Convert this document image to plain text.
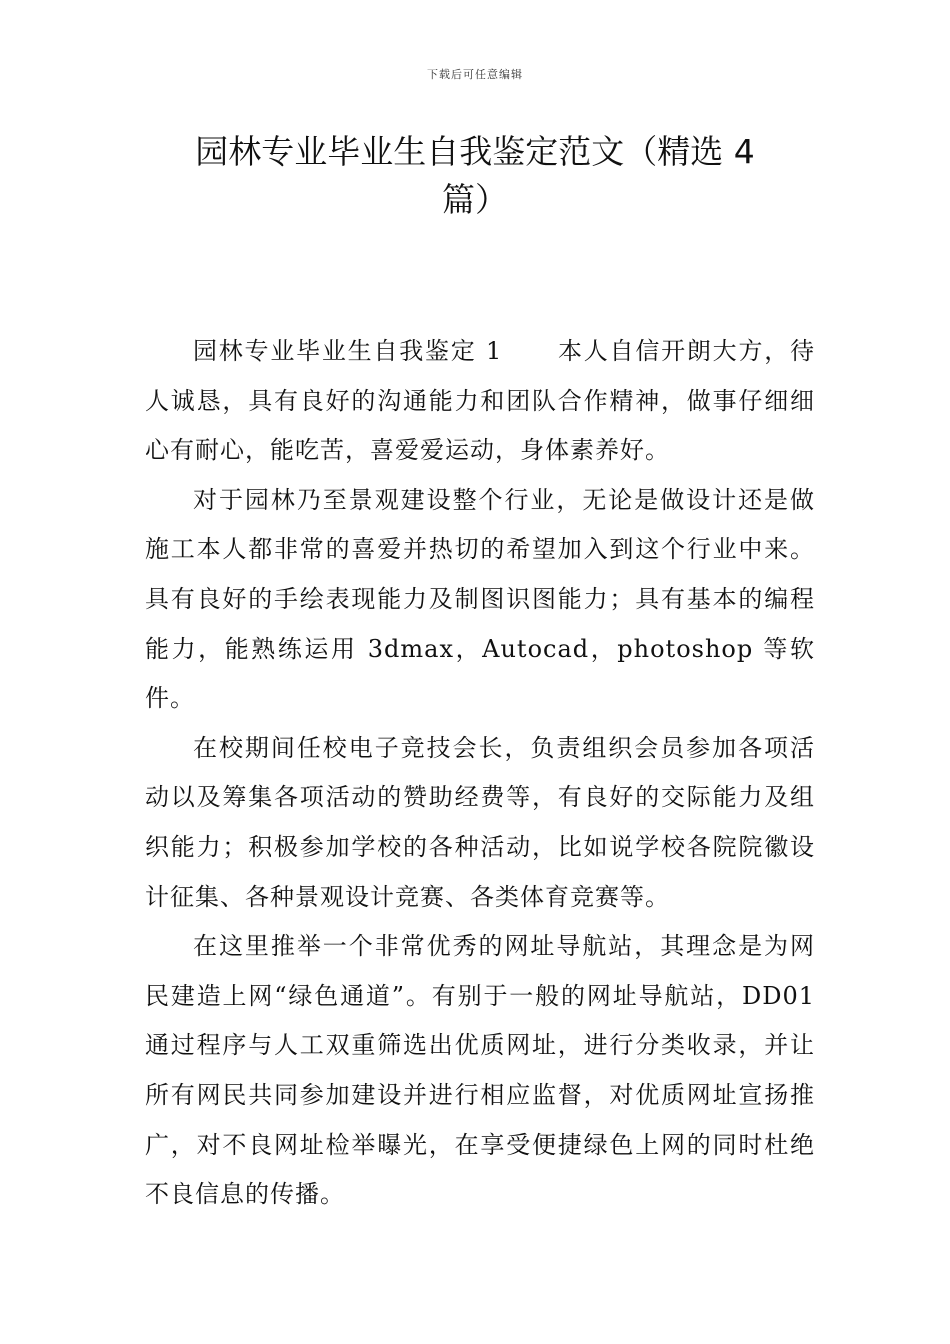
下载后可任意编辑
园林专业毕业生自我鉴定范文（精选 4
篇）

园林专业毕业生自我鉴定 1 本人自信开朗大方，待人诚恳，具有良好的沟通能力和团队合作精神，做事仔细细心有耐心，能吃苦，喜爱爱运动，身体素养好。

对于园林乃至景观建设整个行业，无论是做设计还是做施工本人都非常的喜爱并热切的希望加入到这个行业中来。具有良好的手绘表现能力及制图识图能力；具有基本的编程能力，能熟练运用 3dmax，Autocad，photoshop 等软件。

在校期间任校电子竞技会长，负责组织会员参加各项活动以及筹集各项活动的赞助经费等，有良好的交际能力及组织能力；积极参加学校的各种活动，比如说学校各院院徽设计征集、各种景观设计竞赛、各类体育竞赛等。

在这里推举一个非常优秀的网址导航站，其理念是为网民建造上网“绿色通道”。有别于一般的网址导航站，DD01 通过程序与人工双重筛选出优质网址，进行分类收录，并让所有网民共同参加建设并进行相应监督，对优质网址宣扬推广，对不良网址检举曝光，在享受便捷绿色上网的同时杜绝不良信息的传播。
